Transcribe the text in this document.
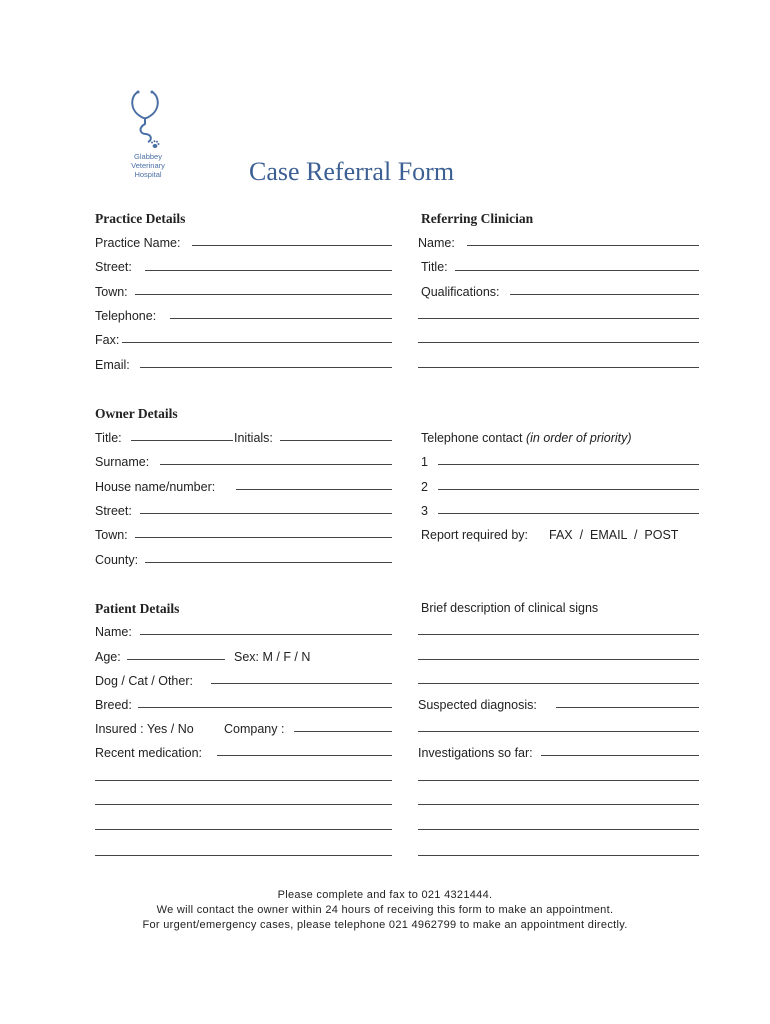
Glabbey
Veterinary
Hospital	Case Referral Form
Practice Details
Practice Name:
Street:
Town:
Telephone:
Fax:
Email:
Referring Clinician
Name:
Title:
Qualifications:
Owner Details
Title:	Initials:
Surname:
House name/number:
Street:
Town:
County:
Telephone contact (in order of priority)
1
2
3
Report required by: FAX  /  EMAIL  /  POST
Patient Details
Name:
Age:	Sex: M / F / N
Dog / Cat / Other:
Breed:
Insured : Yes / No Company :
Recent medication:
Brief description of clinical signs
Suspected diagnosis:
Investigations so far:
Please complete and fax to 021 4321444.
We will contact the owner within 24 hours of receiving this form to make an appointment.
For urgent/emergency cases, please telephone 021 4962799 to make an appointment directly.
